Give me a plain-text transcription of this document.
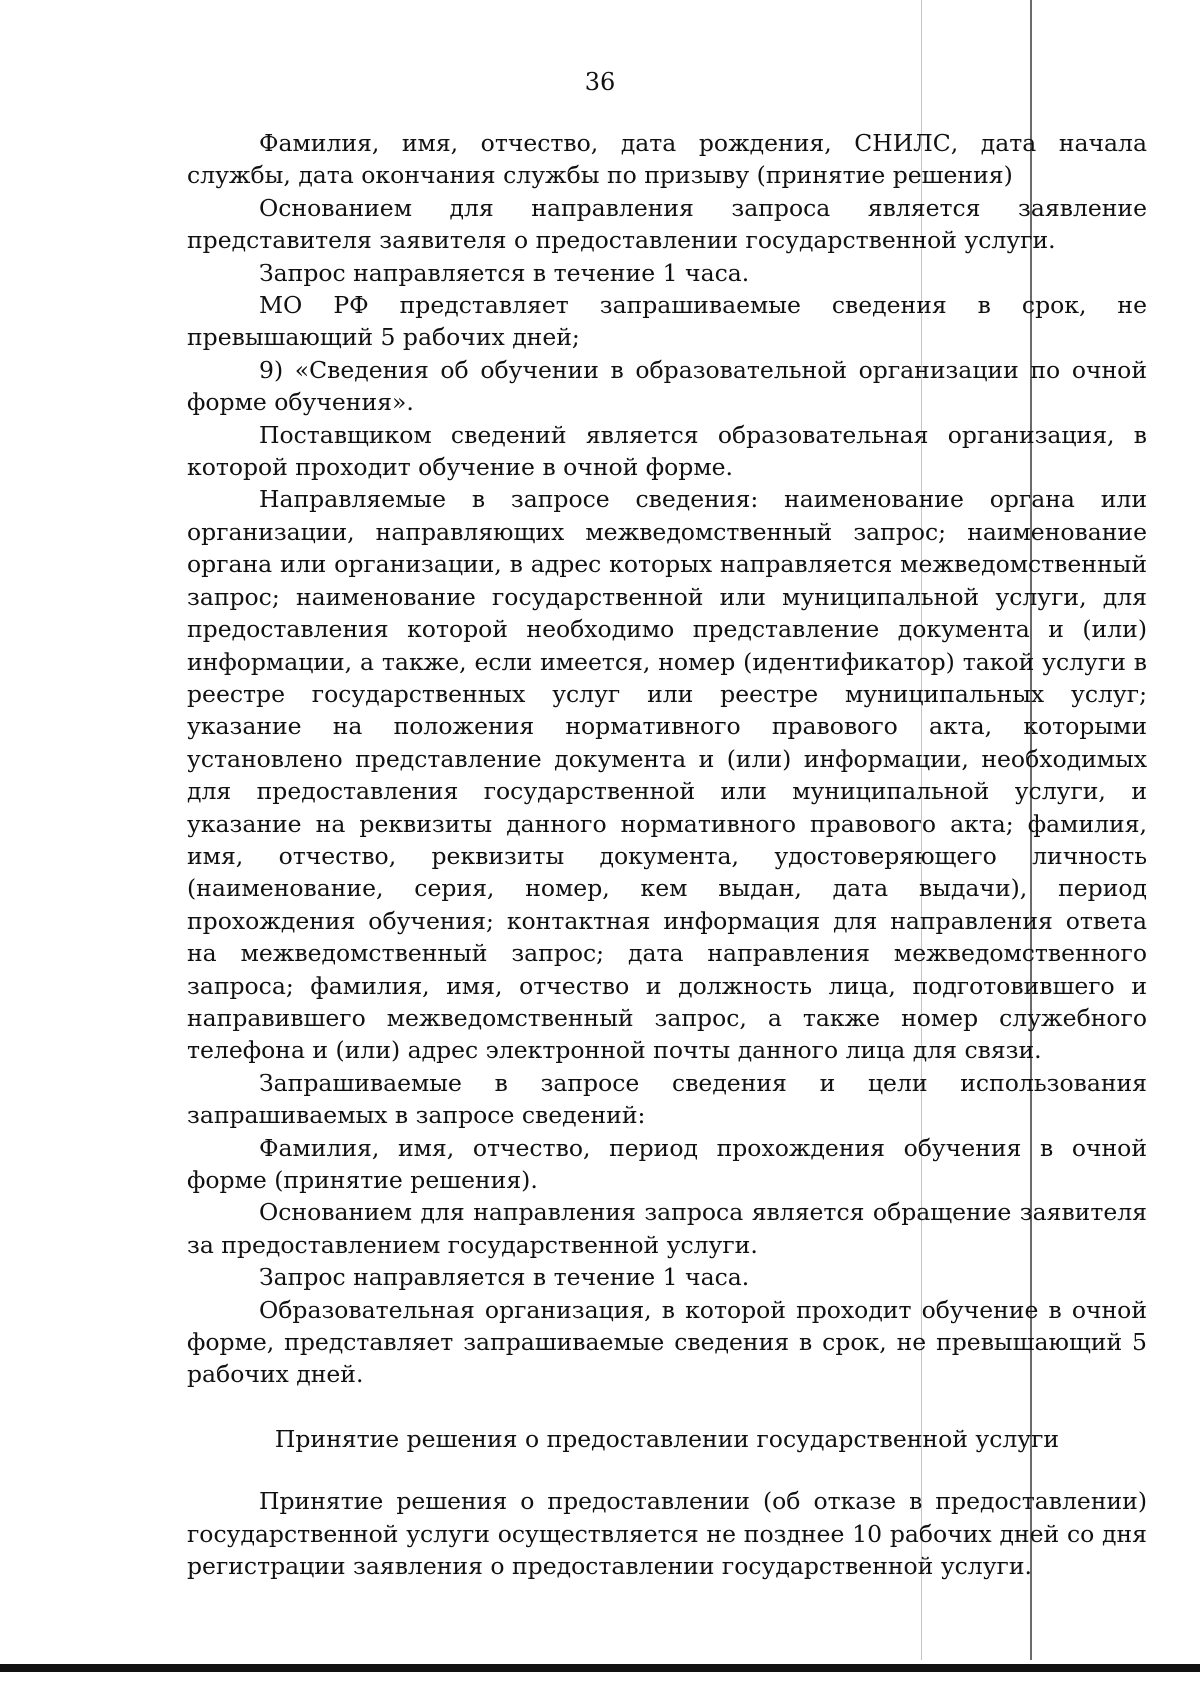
36

Фамилия, имя, отчество, дата рождения, СНИЛС, дата начала службы, дата окончания службы по призыву (принятие решения)

Основанием для направления запроса является заявление представителя заявителя о предоставлении государственной услуги.

Запрос направляется в течение 1 часа.

МО РФ представляет запрашиваемые сведения в срок, не превышающий 5 рабочих дней;

9) «Сведения об обучении в образовательной организации по очной форме обучения».

Поставщиком сведений является образовательная организация, в которой проходит обучение в очной форме.

Направляемые в запросе сведения: наименование органа или организации, направляющих межведомственный запрос; наименование органа или организации, в адрес которых направляется межведомственный запрос; наименование государственной или муниципальной услуги, для предоставления которой необходимо представление документа и (или) информации, а также, если имеется, номер (идентификатор) такой услуги в реестре государственных услуг или реестре муниципальных услуг; указание на положения нормативного правового акта, которыми установлено представление документа и (или) информации, необходимых для предоставления государственной или муниципальной услуги, и указание на реквизиты данного нормативного правового акта; фамилия, имя, отчество, реквизиты документа, удостоверяющего личность (наименование, серия, номер, кем выдан, дата выдачи), период прохождения обучения; контактная информация для направления ответа на межведомственный запрос; дата направления межведомственного запроса; фамилия, имя, отчество и должность лица, подготовившего и направившего межведомственный запрос, а также номер служебного телефона и (или) адрес электронной почты данного лица для связи.

Запрашиваемые в запросе сведения и цели использования запрашиваемых в запросе сведений:

Фамилия, имя, отчество, период прохождения обучения в очной форме (принятие решения).

Основанием для направления запроса является обращение заявителя за предоставлением государственной услуги.

Запрос направляется в течение 1 часа.

Образовательная организация, в которой проходит обучение в очной форме, представляет запрашиваемые сведения в срок, не превышающий 5 рабочих дней.

Принятие решения о предоставлении государственной услуги

Принятие решения о предоставлении (об отказе в предоставлении) государственной услуги осуществляется не позднее 10 рабочих дней со дня регистрации заявления о предоставлении государственной услуги.
